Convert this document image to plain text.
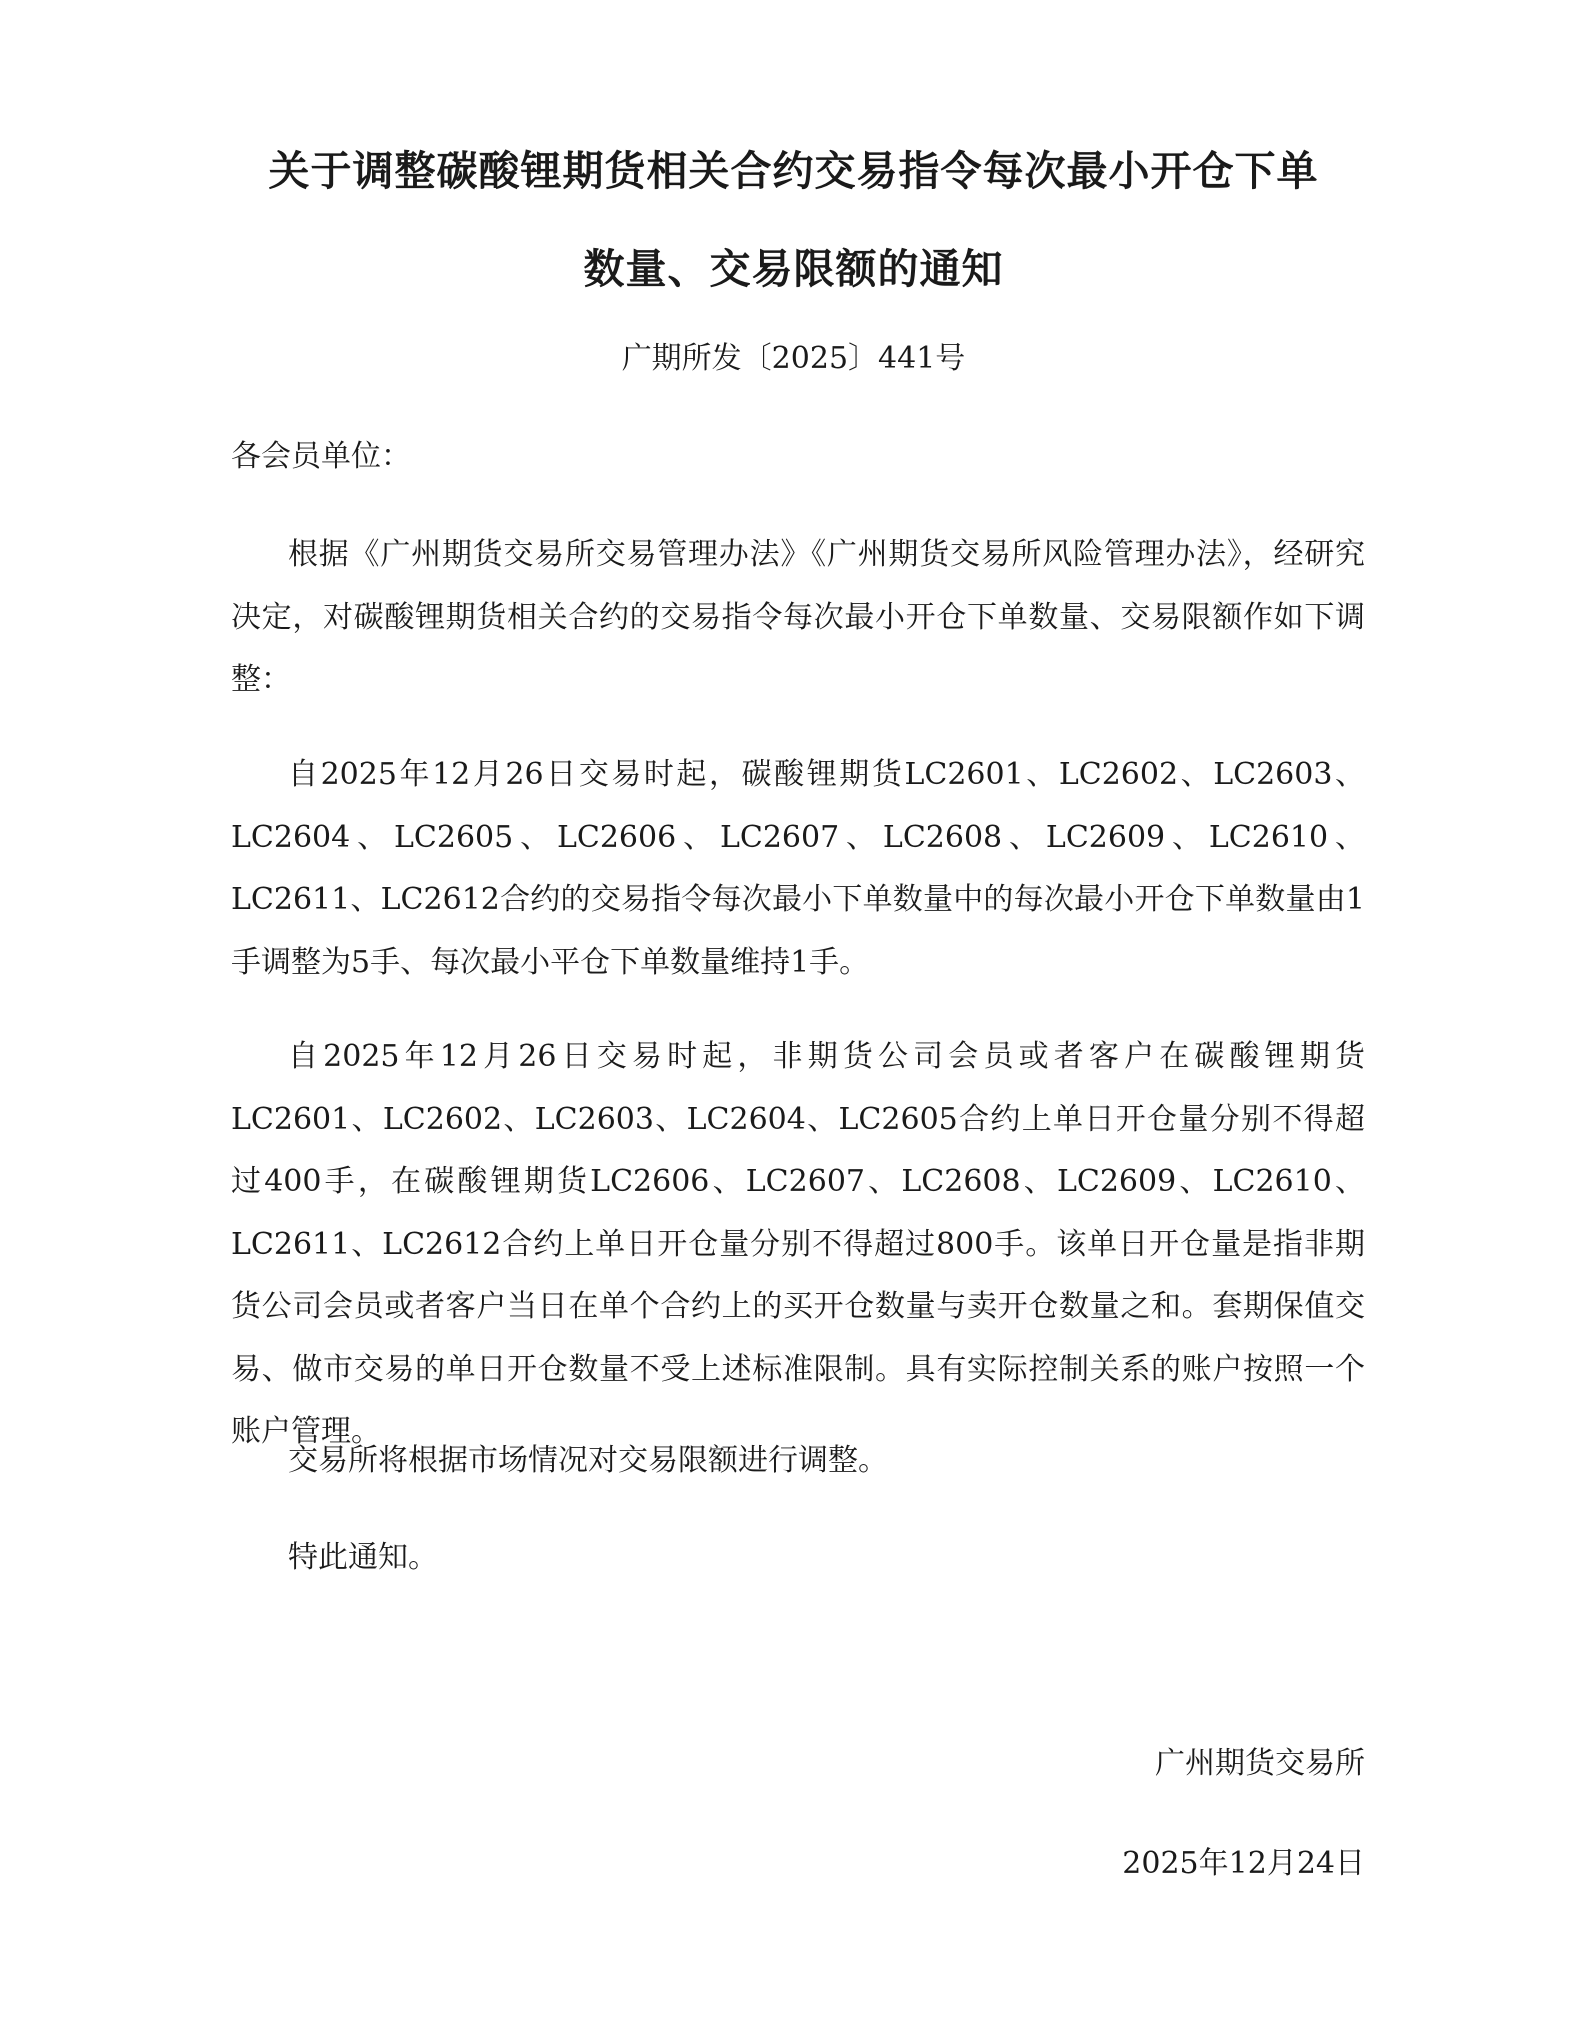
关于调整碳酸锂期货相关合约交易指令每次最小开仓下单
数量、交易限额的通知
广期所发〔2025〕441号

各会员单位：

根据《广州期货交易所交易管理办法》《广州期货交易所风险管理办法》，经研究决定，对碳酸锂期货相关合约的交易指令每次最小开仓下单数量、交易限额作如下调整：

自2025年12月26日交易时起，碳酸锂期货LC2601、LC2602、LC2603、LC2604、LC2605、LC2606、LC2607、LC2608、LC2609、LC2610、LC2611、LC2612合约的交易指令每次最小下单数量中的每次最小开仓下单数量由1手调整为5手、每次最小平仓下单数量维持1手。

自2025年12月26日交易时起，非期货公司会员或者客户在碳酸锂期货LC2601、LC2602、LC2603、LC2604、LC2605合约上单日开仓量分别不得超过400手，在碳酸锂期货LC2606、LC2607、LC2608、LC2609、LC2610、LC2611、LC2612合约上单日开仓量分别不得超过800手。该单日开仓量是指非期货公司会员或者客户当日在单个合约上的买开仓数量与卖开仓数量之和。套期保值交易、做市交易的单日开仓数量不受上述标准限制。具有实际控制关系的账户按照一个账户管理。

交易所将根据市场情况对交易限额进行调整。

特此通知。

广州期货交易所
2025年12月24日
